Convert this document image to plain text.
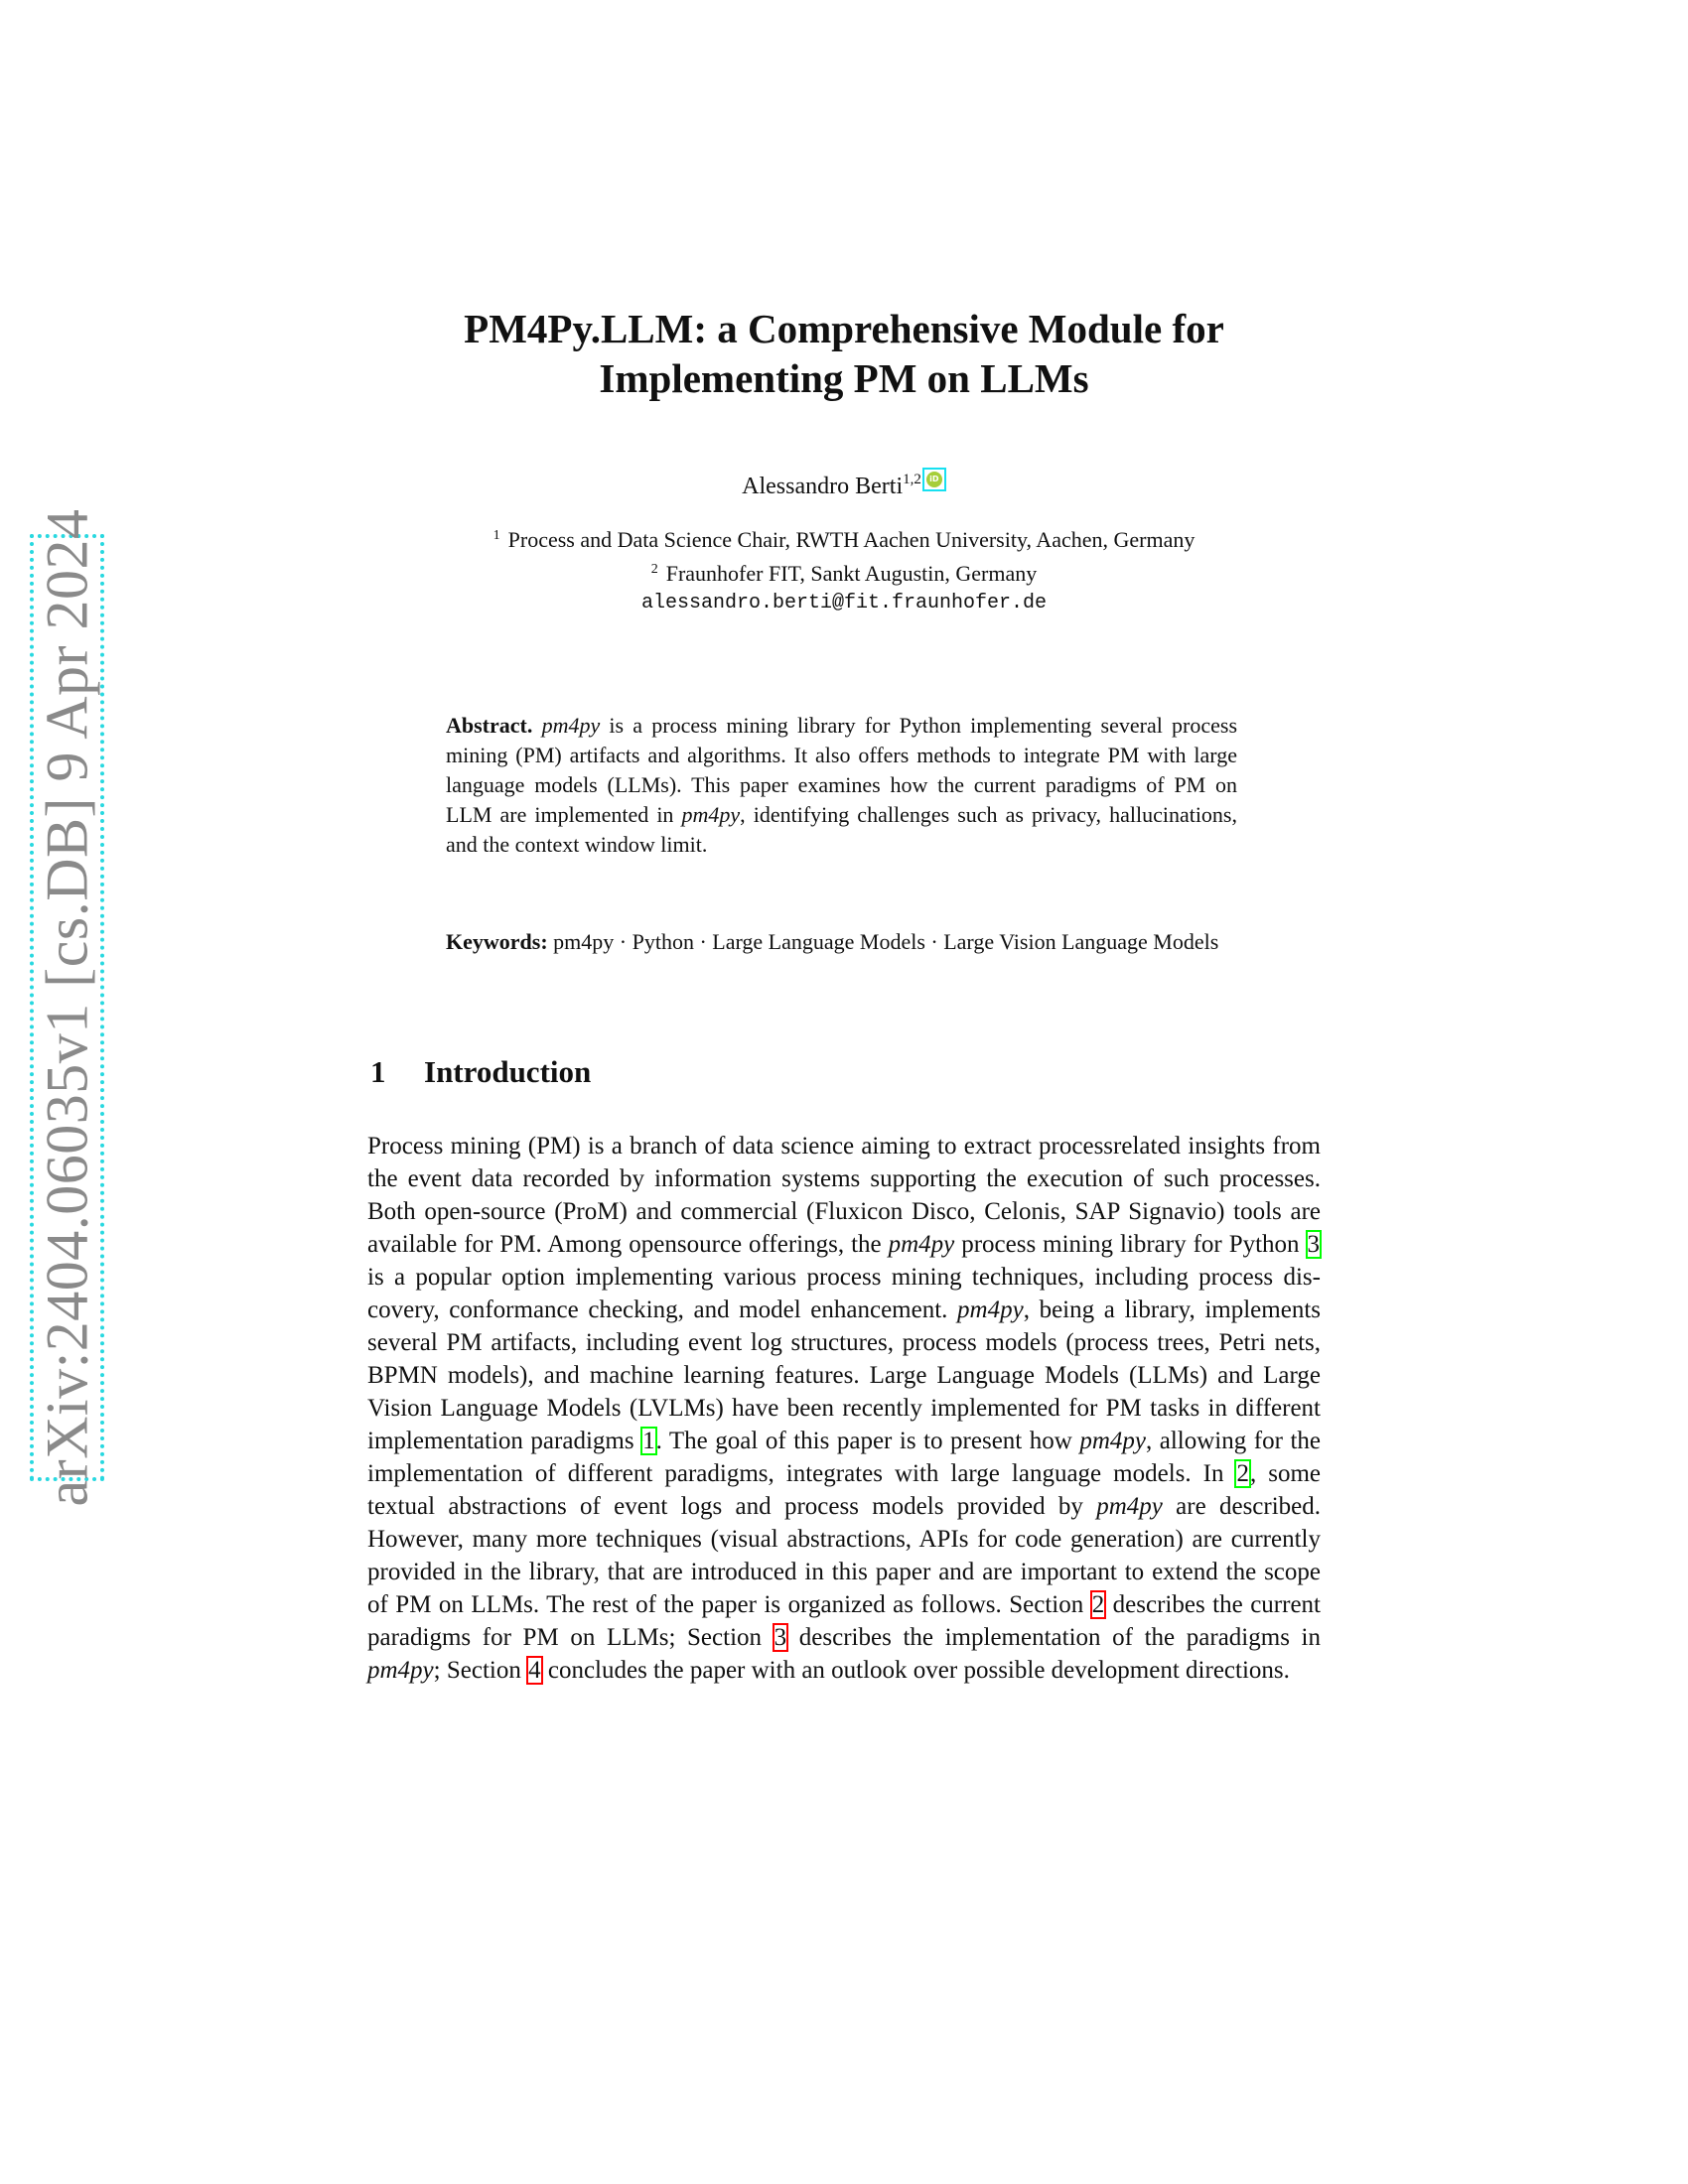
arXiv:2404.06035v1 [cs.DB] 9 Apr 2024
PM4Py.LLM: a Comprehensive Module for
Implementing PM on LLMs
Alessandro Berti$^{1,2}$	iD
$^1$ Process and Data Science Chair, RWTH Aachen University, Aachen, Germany
$^2$ Fraunhofer FIT, Sankt Augustin, Germany
alessandro.berti@fit.fraunhofer.de
Abstract. pm4py is a process mining library for Python implementing several process mining (PM) artifacts and algorithms. It also offers methods to integrate PM with large language models (LLMs). This paper examines how the current paradigms of PM on LLM are implemented in pm4py, identifying challenges such as privacy, hallucinations, and the context window limit.
Keywords: pm4py · Python · Large Language Models · Large Vision Language Models
1 Introduction
Process mining (PM) is a branch of data science aiming to extract processrelated insights from the event data recorded by information systems supporting the execution of such processes. Both open-source (ProM) and commercial (Fluxicon Disco, Celonis, SAP Signavio) tools are available for PM. Among opensource offerings, the pm4py process mining library for Python 3 is a popular option implementing various process mining techniques, including process discovery, conformance checking, and model enhancement. pm4py, being a library, implements several PM artifacts, including event log structures, process models (process trees, Petri nets, BPMN models), and machine learning features. Large Language Models (LLMs) and Large Vision Language Models (LVLMs) have been recently implemented for PM tasks in different implementation paradigms 1. The goal of this paper is to present how pm4py, allowing for the implementation of different paradigms, integrates with large language models. In 2, some textual abstractions of event logs and process models provided by pm4py are described. However, many more techniques (visual abstractions, APIs for code generation) are currently provided in the library, that are introduced in this paper and are important to extend the scope of PM on LLMs. The rest of the paper is organized as follows. Section 2 describes the current paradigms for PM on LLMs; Section 3 describes the implementation of the paradigms in pm4py; Section 4 concludes the paper with an outlook over possible development directions.
